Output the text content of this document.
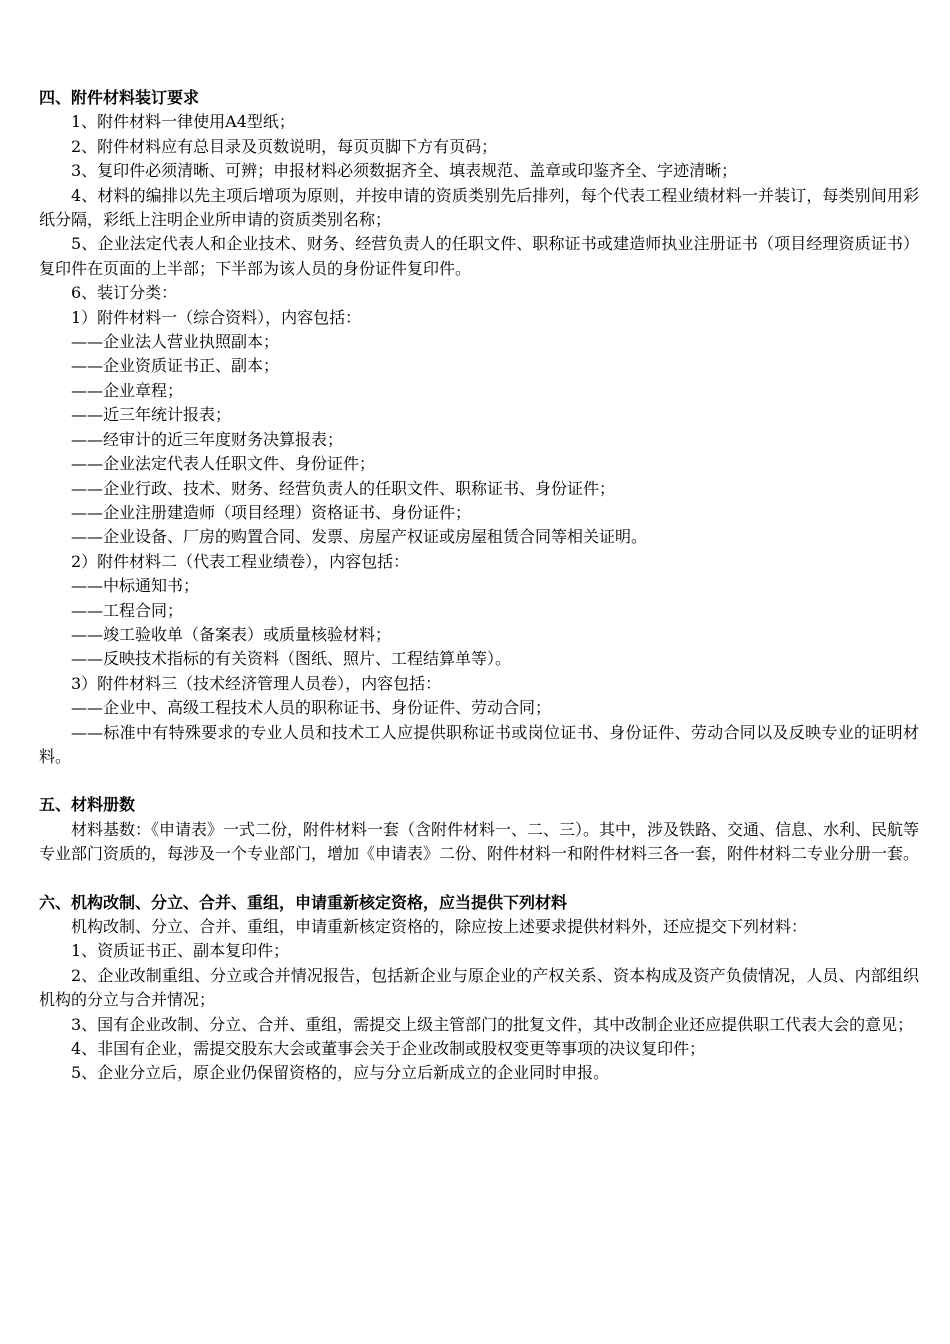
四、附件材料装订要求

1、附件材料一律使用A4型纸；

2、附件材料应有总目录及页数说明，每页页脚下方有页码；

3、复印件必须清晰、可辨；申报材料必须数据齐全、填表规范、盖章或印鉴齐全、字迹清晰；

4、材料的编排以先主项后增项为原则，并按申请的资质类别先后排列，每个代表工程业绩材料一并装订，每类别间用彩纸分隔，彩纸上注明企业所申请的资质类别名称；

5、企业法定代表人和企业技术、财务、经营负责人的任职文件、职称证书或建造师执业注册证书（项目经理资质证书）复印件在页面的上半部；下半部为该人员的身份证件复印件。

6、装订分类：

1）附件材料一（综合资料），内容包括：

——企业法人营业执照副本；

——企业资质证书正、副本；

——企业章程；

——近三年统计报表；

——经审计的近三年度财务决算报表；

——企业法定代表人任职文件、身份证件；

——企业行政、技术、财务、经营负责人的任职文件、职称证书、身份证件；

——企业注册建造师（项目经理）资格证书、身份证件；

——企业设备、厂房的购置合同、发票、房屋产权证或房屋租赁合同等相关证明。

2）附件材料二（代表工程业绩卷），内容包括：

——中标通知书；

——工程合同；

——竣工验收单（备案表）或质量核验材料；

——反映技术指标的有关资料（图纸、照片、工程结算单等）。

3）附件材料三（技术经济管理人员卷），内容包括：

——企业中、高级工程技术人员的职称证书、身份证件、劳动合同；

——标准中有特殊要求的专业人员和技术工人应提供职称证书或岗位证书、身份证件、劳动合同以及反映专业的证明材料。

五、材料册数

材料基数：《申请表》一式二份，附件材料一套（含附件材料一、二、三）。其中，涉及铁路、交通、信息、水利、民航等专业部门资质的，每涉及一个专业部门，增加《申请表》二份、附件材料一和附件材料三各一套，附件材料二专业分册一套。

六、机构改制、分立、合并、重组，申请重新核定资格，应当提供下列材料

机构改制、分立、合并、重组，申请重新核定资格的，除应按上述要求提供材料外，还应提交下列材料：

1、资质证书正、副本复印件；

2、企业改制重组、分立或合并情况报告，包括新企业与原企业的产权关系、资本构成及资产负债情况，人员、内部组织机构的分立与合并情况；

3、国有企业改制、分立、合并、重组，需提交上级主管部门的批复文件，其中改制企业还应提供职工代表大会的意见；

4、非国有企业，需提交股东大会或董事会关于企业改制或股权变更等事项的决议复印件；

5、企业分立后，原企业仍保留资格的，应与分立后新成立的企业同时申报。
